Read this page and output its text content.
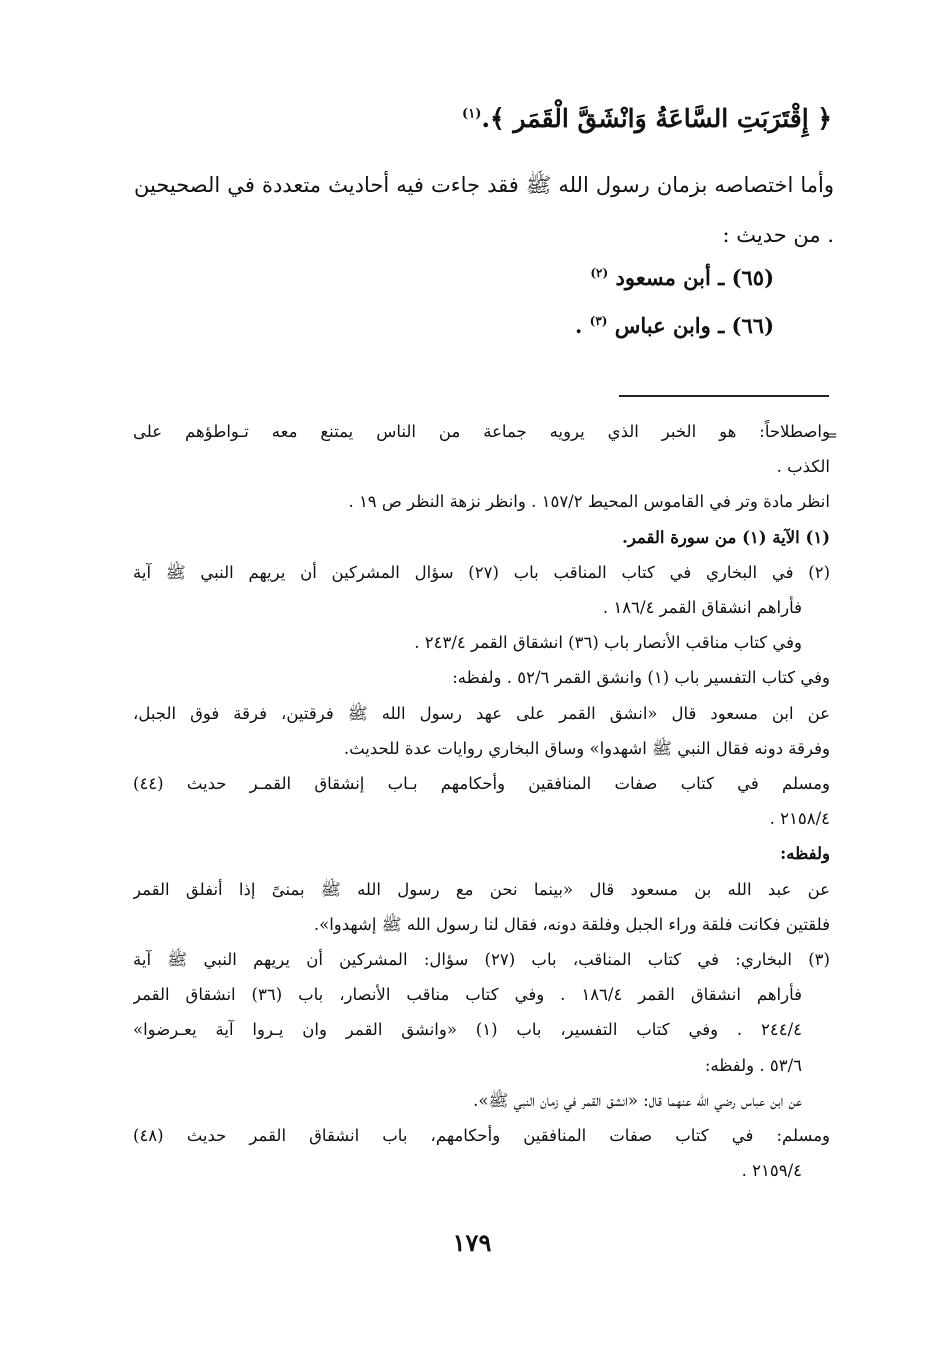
﴿ إِقْتَرَبَتِ السَّاعَةُ وَانْشَقَّ الْقَمَر ﴾.$^{(١)}$
وأما اختصاصه بزمان رسول الله ﷺ فقد جاءت فيه أحاديث متعددة في الصحيحين . من حديث :
(٦٥) ـ أبن مسعود $^{(٢)}$
(٦٦) ـ وابن عباس $^{(٣)}$ .
=
واصطلاحاً: هو الخبر الذي يرويه جماعة من الناس يمتنع معه تـواطؤهم على
الكذب .
انظر مادة وتر في القاموس المحيط ١٥٧/٢ . وانظر نزهة النظر ص ١٩ .
(١) الآية (١) من سورة القمر.
(٢) في البخاري في كتاب المناقب باب (٢٧) سؤال المشركين أن يريهم النبي ﷺ آية
فأراهم انشقاق القمر ١٨٦/٤ .
وفي كتاب مناقب الأنصار باب (٣٦) انشقاق القمر ٢٤٣/٤ .
وفي كتاب التفسير باب (١) وانشق القمر ٥٢/٦ . ولفظه:
عن ابن مسعود قال «انشق القمر على عهد رسول الله ﷺ فرقتين، فرقة فوق الجبل،
وفرقة دونه فقال النبي ﷺ اشهدوا» وساق البخاري روايات عدة للحديث.
ومسلم في كتاب صفات المنافقين وأحكامهم بـاب إنشقاق القمـر حديث (٤٤)
٢١٥٨/٤ .
ولفظه:
عن عبد الله بن مسعود قال «بينما نحن مع رسول الله ﷺ بمنىً إذا أنفلق القمر
فلقتين فكانت فلقة وراء الجبل وفلقة دونه، فقال لنا رسول الله ﷺ إشهدوا».
(٣) البخاري: في كتاب المناقب، باب (٢٧) سؤال: المشركين أن يريهم النبي ﷺ آية
فأراهم انشقاق القمر ١٨٦/٤ . وفي كتاب مناقب الأنصار، باب (٣٦) انشقاق القمر
٢٤٤/٤ . وفي كتاب التفسير، باب (١) «وانشق القمر وان يـروا آية يعـرضوا»
٥٣/٦ . ولفظه:
عن ابن عباس رضي الله عنهما قال: «انشق القمر في زمان النبي ﷺ».
ومسلم: في كتاب صفات المنافقين وأحكامهم، باب انشقاق القمر حديث (٤٨)
٢١٥٩/٤ .
١٧٩
